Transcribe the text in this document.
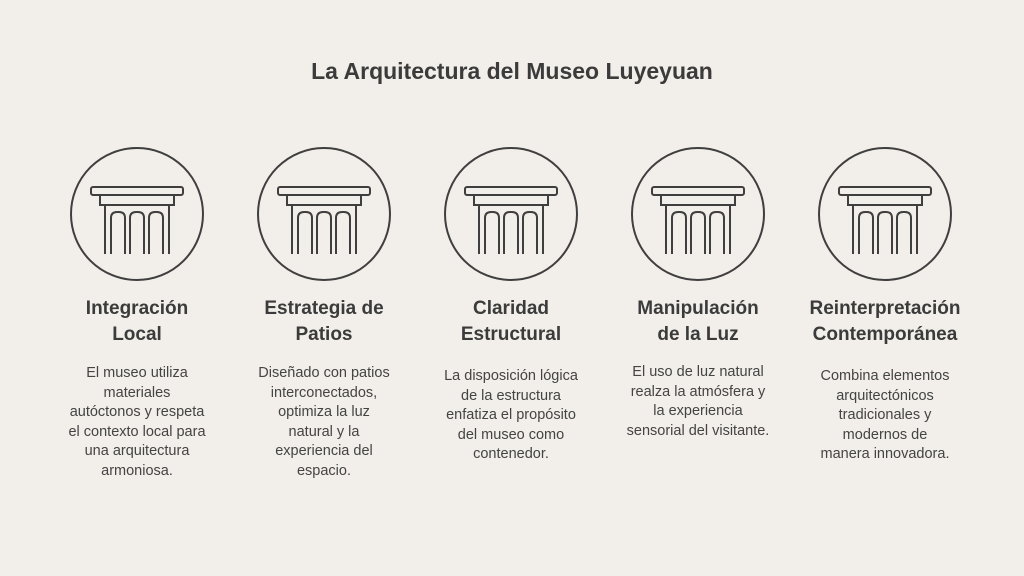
La Arquitectura del Museo Luyeyuan
Integración
Local
El museo utiliza
materiales
autóctonos y respeta
el contexto local para
una arquitectura
armoniosa.
Estrategia de
Patios
Diseñado con patios
interconectados,
optimiza la luz
natural y la
experiencia del
espacio.
Claridad
Estructural
La disposición lógica
de la estructura
enfatiza el propósito
del museo como
contenedor.
Manipulación
de la Luz
El uso de luz natural
realza la atmósfera y
la experiencia
sensorial del visitante.
Reinterpretación
Contemporánea
Combina elementos
arquitectónicos
tradicionales y
modernos de
manera innovadora.
